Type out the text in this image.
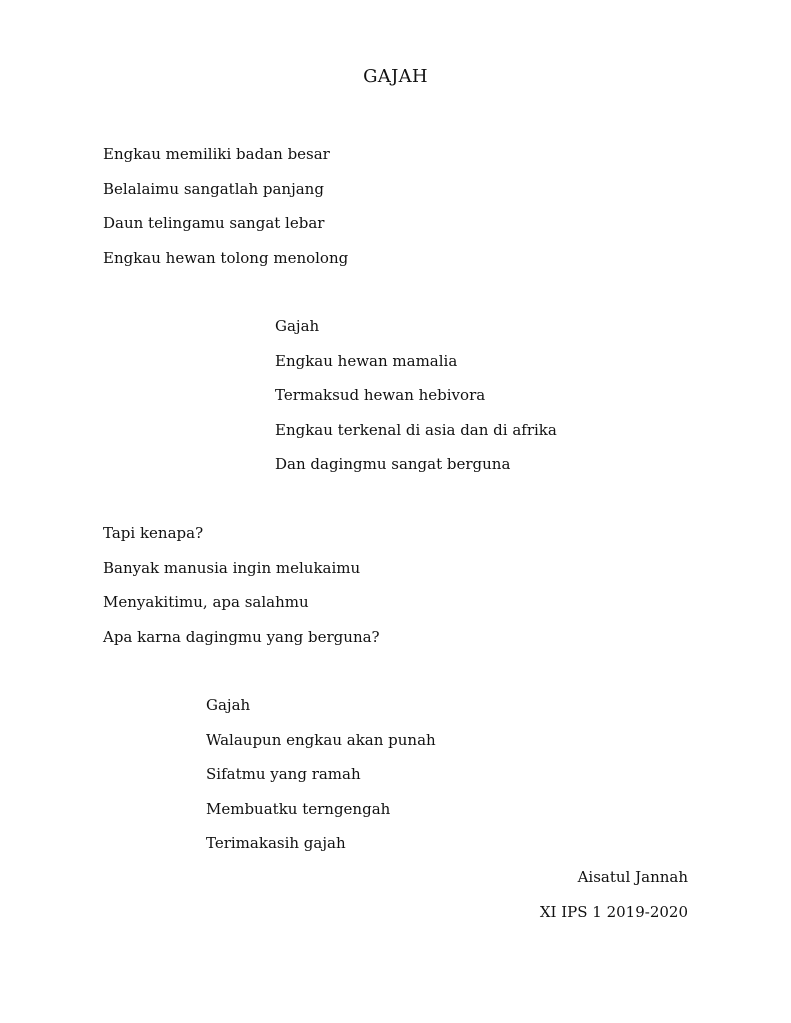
GAJAH
Engkau memiliki badan besar
Belalaimu sangatlah panjang
Daun telingamu sangat lebar
Engkau hewan tolong menolong
Gajah
Engkau hewan mamalia
Termaksud hewan hebivora
Engkau terkenal di asia dan di afrika
Dan dagingmu sangat berguna
Tapi kenapa?
Banyak manusia ingin melukaimu
Menyakitimu, apa salahmu
Apa karna dagingmu yang berguna?
Gajah
Walaupun engkau akan punah
Sifatmu yang ramah
Membuatku terngengah
Terimakasih gajah
Aisatul Jannah
XI IPS 1 2019-2020
